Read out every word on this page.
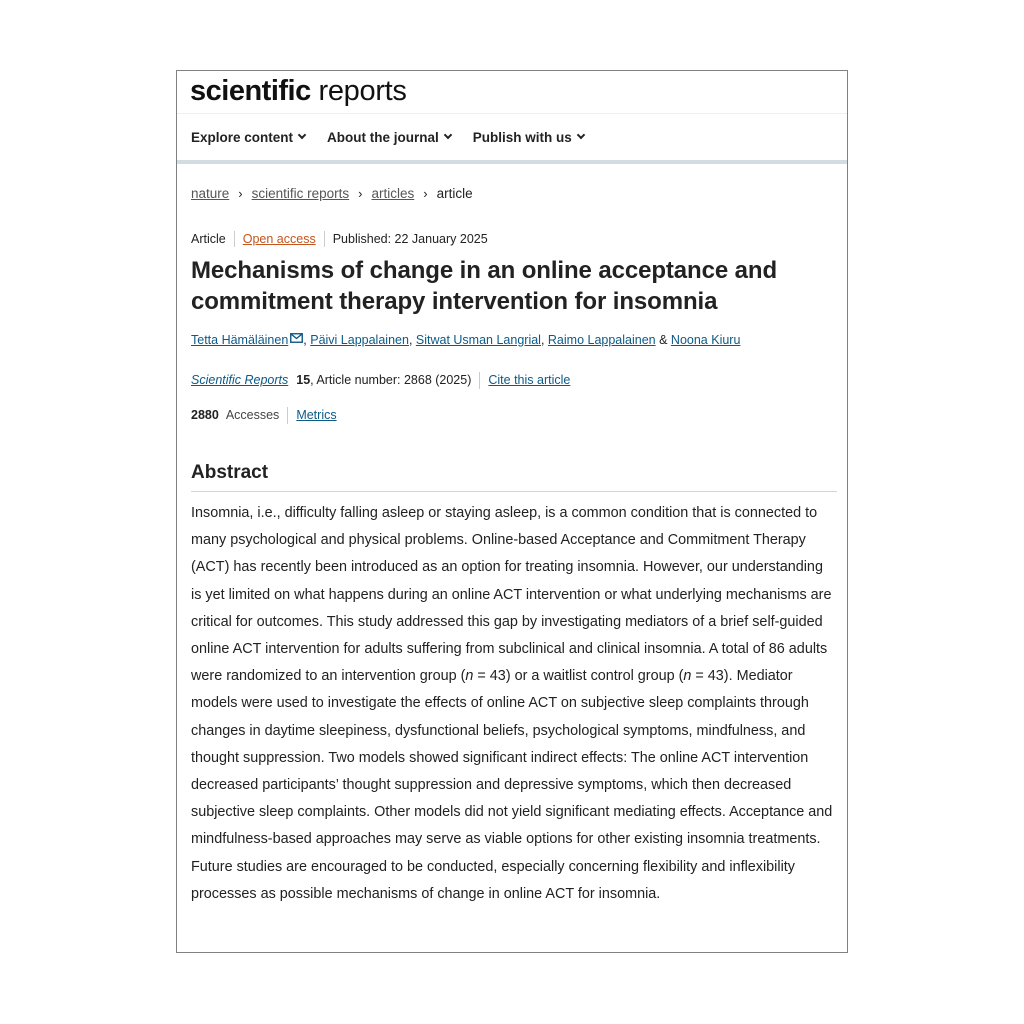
scientific reports
Explore content	About the journal	Publish with us
nature › scientific reports › articles › article
Article Open access Published: 22 January 2025
Mechanisms of change in an online acceptance and commitment therapy intervention for insomnia
Tetta Hämäläinen , Päivi Lappalainen, Sitwat Usman Langrial, Raimo Lappalainen & Noona Kiuru
Scientific Reports 15 , Article number: 2868 (2025) Cite this article
2880 Accesses Metrics
Abstract

Insomnia, i.e., difficulty falling asleep or staying asleep, is a common condition that is connected to many psychological and physical problems. Online-based Acceptance and Commitment Therapy (ACT) has recently been introduced as an option for treating insomnia. However, our understanding is yet limited on what happens during an online ACT intervention or what underlying mechanisms are critical for outcomes. This study addressed this gap by investigating mediators of a brief self-guided online ACT intervention for adults suffering from subclinical and clinical insomnia. A total of 86 adults were randomized to an intervention group (n = 43) or a waitlist control group (n = 43). Mediator models were used to investigate the effects of online ACT on subjective sleep complaints through changes in daytime sleepiness, dysfunctional beliefs, psychological symptoms, mindfulness, and thought suppression. Two models showed significant indirect effects: The online ACT intervention decreased participants’ thought suppression and depressive symptoms, which then decreased subjective sleep complaints. Other models did not yield significant mediating effects. Acceptance and mindfulness-based approaches may serve as viable options for other existing insomnia treatments. Future studies are encouraged to be conducted, especially concerning flexibility and inflexibility processes as possible mechanisms of change in online ACT for insomnia.
